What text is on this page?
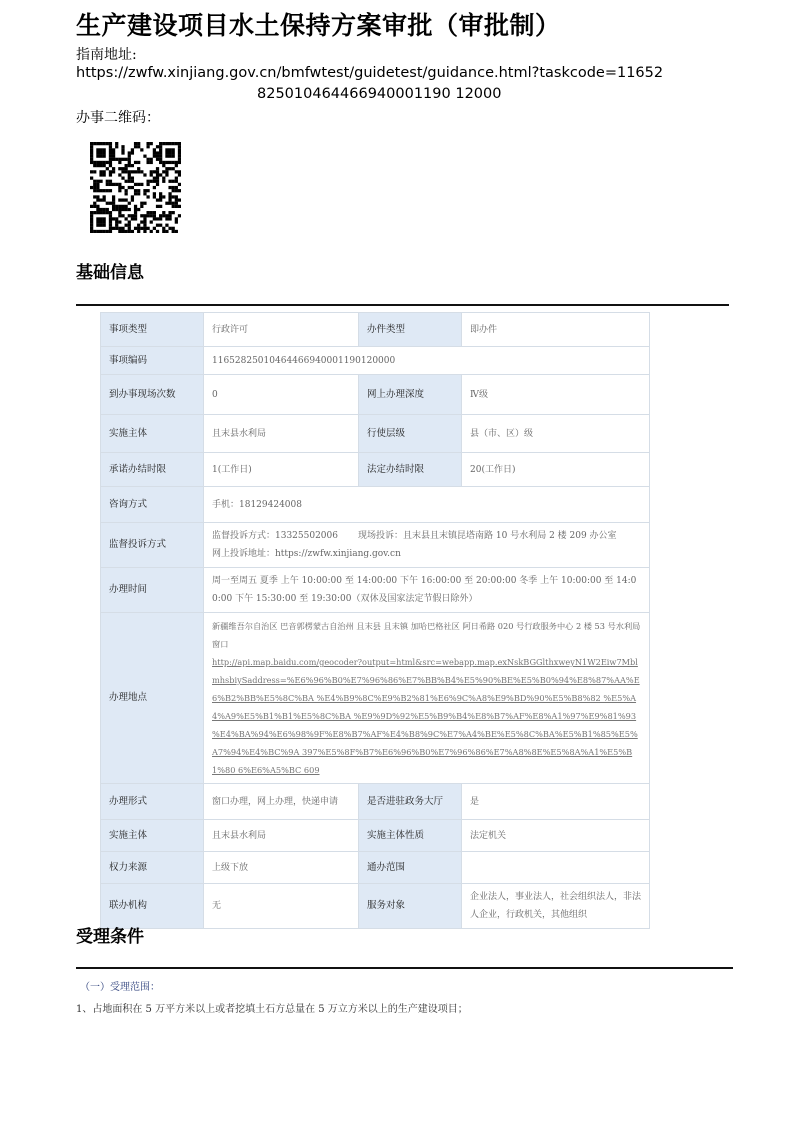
生产建设项目水土保持方案审批（审批制）
指南地址:
https://zwfw.xinjiang.gov.cn/bmfwtest/guidetest/guidance.html?taskcode=11652
825010464466940001190 12000
办事二维码：
基础信息
事项类型	行政许可	办件类型	即办件
事项编码	11652825010464466940001190120000		
到办事现场次数	0	网上办理深度	Ⅳ级
实施主体	且末县水利局	行使层级	县（市、区）级
承诺办结时限	1(工作日)	法定办结时限	20(工作日)
咨询方式	手机：18129424008		
监督投诉方式	监督投诉方式：13325502006 现场投诉：且末县且末镇昆塔南路 10 号水利局 2 楼 209 办公室
网上投诉地址：https://zwfw.xinjiang.gov.cn		
办理时间	周一至周五 夏季 上午 10:00:00 至 14:00:00 下午 16:00:00 至 20:00:00 冬季 上午 10:00:00 至 14:00:00 下午 15:30:00 至 19:30:00（双休及国家法定节假日除外）		
办理地点	新疆维吾尔自治区 巴音郭楞蒙古自治州 且末县 且末镇 加哈巴格社区 阿日希路 020 号行政服务中心 2 楼 53 号水利局窗口
http://api.map.baidu.com/geocoder?output=html&src=webapp.map.exNskBGGlthxweyN1W2Eiw7MblmhsbiySaddress=%E6%96%B0%E7%96%86%E7%BB%B4%E5%90%BE%E5%B0%94%E8%87%AA%E6%B2%BB%E5%8C%BA %E4%B9%8C%E9%B2%81%E6%9C%A8%E9%BD%90%E5%B8%82 %E5%A4%A9%E5%B1%B1%E5%8C%BA %E9%9D%92%E5%B9%B4%E8%B7%AF%E8%A1%97%E9%81%93 %E4%BA%94%E6%98%9F%E8%B7%AF%E4%B8%9C%E7%A4%BE%E5%8C%BA%E5%B1%85%E5%A7%94%E4%BC%9A 397%E5%8F%B7%E6%96%B0%E7%96%86%E7%A8%8E%E5%8A%A1%E5%B1%80 6%E6%A5%BC 609		
办理形式	窗口办理，网上办理，快递申请	是否进驻政务大厅	是
实施主体	且末县水利局	实施主体性质	法定机关
权力来源	上级下放	通办范围	
联办机构	无	服务对象	企业法人，事业法人，社会组织法人，非法人企业，行政机关，其他组织
受理条件
（一）受理范围：
1、占地面积在 5 万平方米以上或者挖填土石方总量在 5 万立方米以上的生产建设项目；
